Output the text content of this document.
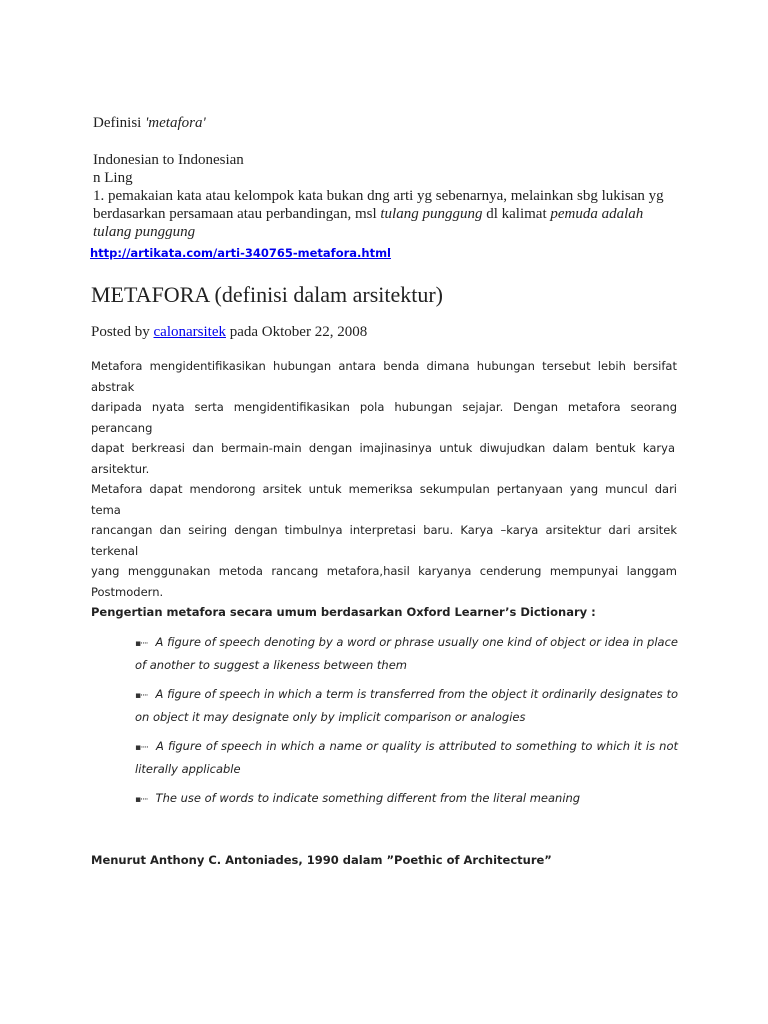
Definisi 'metafora'
Indonesian to Indonesian
n Ling
1. pemakaian kata atau kelompok kata bukan dng arti yg sebenarnya, melainkan sbg lukisan yg berdasarkan persamaan atau perbandingan, msl tulang punggung dl kalimat pemuda adalah tulang punggung
http://artikata.com/arti-340765-metafora.html
METAFORA (definisi dalam arsitektur)
Posted by calonarsitek pada Oktober 22, 2008
Metafora mengidentifikasikan hubungan antara benda dimana hubungan tersebut lebih bersifat abstrak
daripada nyata serta mengidentifikasikan pola hubungan sejajar. Dengan metafora seorang perancang
dapat berkreasi dan bermain-main dengan imajinasinya untuk diwujudkan dalam bentuk karya
arsitektur.
Metafora dapat mendorong arsitek untuk memeriksa sekumpulan pertanyaan yang muncul dari tema
rancangan dan seiring dengan timbulnya interpretasi baru. Karya –karya arsitektur dari arsitek terkenal
yang menggunakan metoda rancang metafora,hasil karyanya cenderung mempunyai langgam
Postmodern.
Pengertian metafora secara umum berdasarkan Oxford Learner’s Dictionary :
▪···· A figure of speech denoting by a word or phrase usually one kind of object or idea in place of another to suggest a likeness between them
▪···· A figure of speech in which a term is transferred from the object it ordinarily designates to on object it may designate only by implicit comparison or analogies
▪···· A figure of speech in which a name or quality is attributed to something to which it is not literally applicable
▪···· The use of words to indicate something different from the literal meaning
Menurut Anthony C. Antoniades, 1990 dalam ”Poethic of Architecture”
